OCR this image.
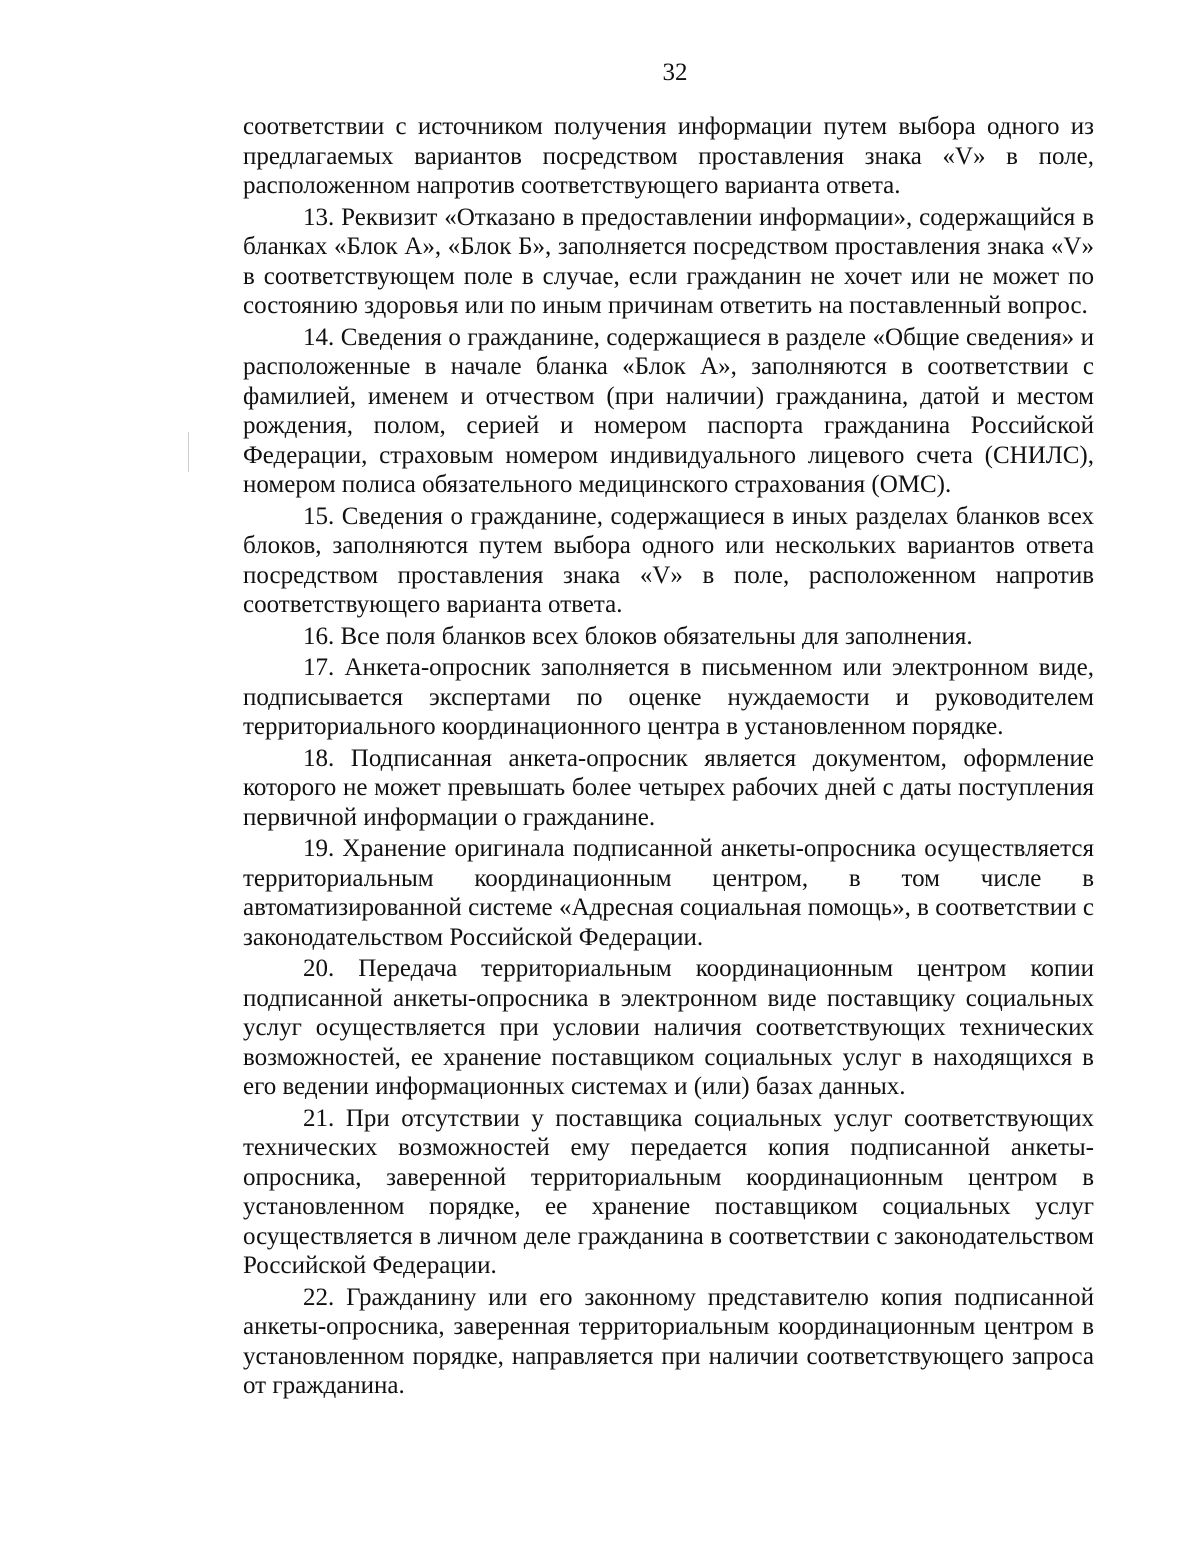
32

соответствии с источником получения информации путем выбора одного из предлагаемых вариантов посредством проставления знака «V» в поле, расположенном напротив соответствующего варианта ответа.

13. Реквизит «Отказано в предоставлении информации», содержащийся в бланках «Блок А», «Блок Б», заполняется посредством проставления знака «V» в соответствующем поле в случае, если гражданин не хочет или не может по состоянию здоровья или по иным причинам ответить на поставленный вопрос.

14. Сведения о гражданине, содержащиеся в разделе «Общие сведения» и расположенные в начале бланка «Блок А», заполняются в соответствии с фамилией, именем и отчеством (при наличии) гражданина, датой и местом рождения, полом, серией и номером паспорта гражданина Российской Федерации, страховым номером индивидуального лицевого счета (СНИЛС), номером полиса обязательного медицинского страхования (ОМС).

15. Сведения о гражданине, содержащиеся в иных разделах бланков всех блоков, заполняются путем выбора одного или нескольких вариантов ответа посредством проставления знака «V» в поле, расположенном напротив соответствующего варианта ответа.

16. Все поля бланков всех блоков обязательны для заполнения.

17. Анкета-опросник заполняется в письменном или электронном виде, подписывается экспертами по оценке нуждаемости и руководителем территориального координационного центра в установленном порядке.

18. Подписанная анкета-опросник является документом, оформление которого не может превышать более четырех рабочих дней с даты поступления первичной информации о гражданине.

19. Хранение оригинала подписанной анкеты-опросника осуществляется территориальным координационным центром, в том числе в автоматизированной системе «Адресная социальная помощь», в соответствии с законодательством Российской Федерации.

20. Передача территориальным координационным центром копии подписанной анкеты-опросника в электронном виде поставщику социальных услуг осуществляется при условии наличия соответствующих технических возможностей, ее хранение поставщиком социальных услуг в находящихся в его ведении информационных системах и (или) базах данных.

21. При отсутствии у поставщика социальных услуг соответствующих технических возможностей ему передается копия подписанной анкеты-опросника, заверенной территориальным координационным центром в установленном порядке, ее хранение поставщиком социальных услуг осуществляется в личном деле гражданина в соответствии с законодательством Российской Федерации.

22. Гражданину или его законному представителю копия подписанной анкеты-опросника, заверенная территориальным координационным центром в установленном порядке, направляется при наличии соответствующего запроса от гражданина.
